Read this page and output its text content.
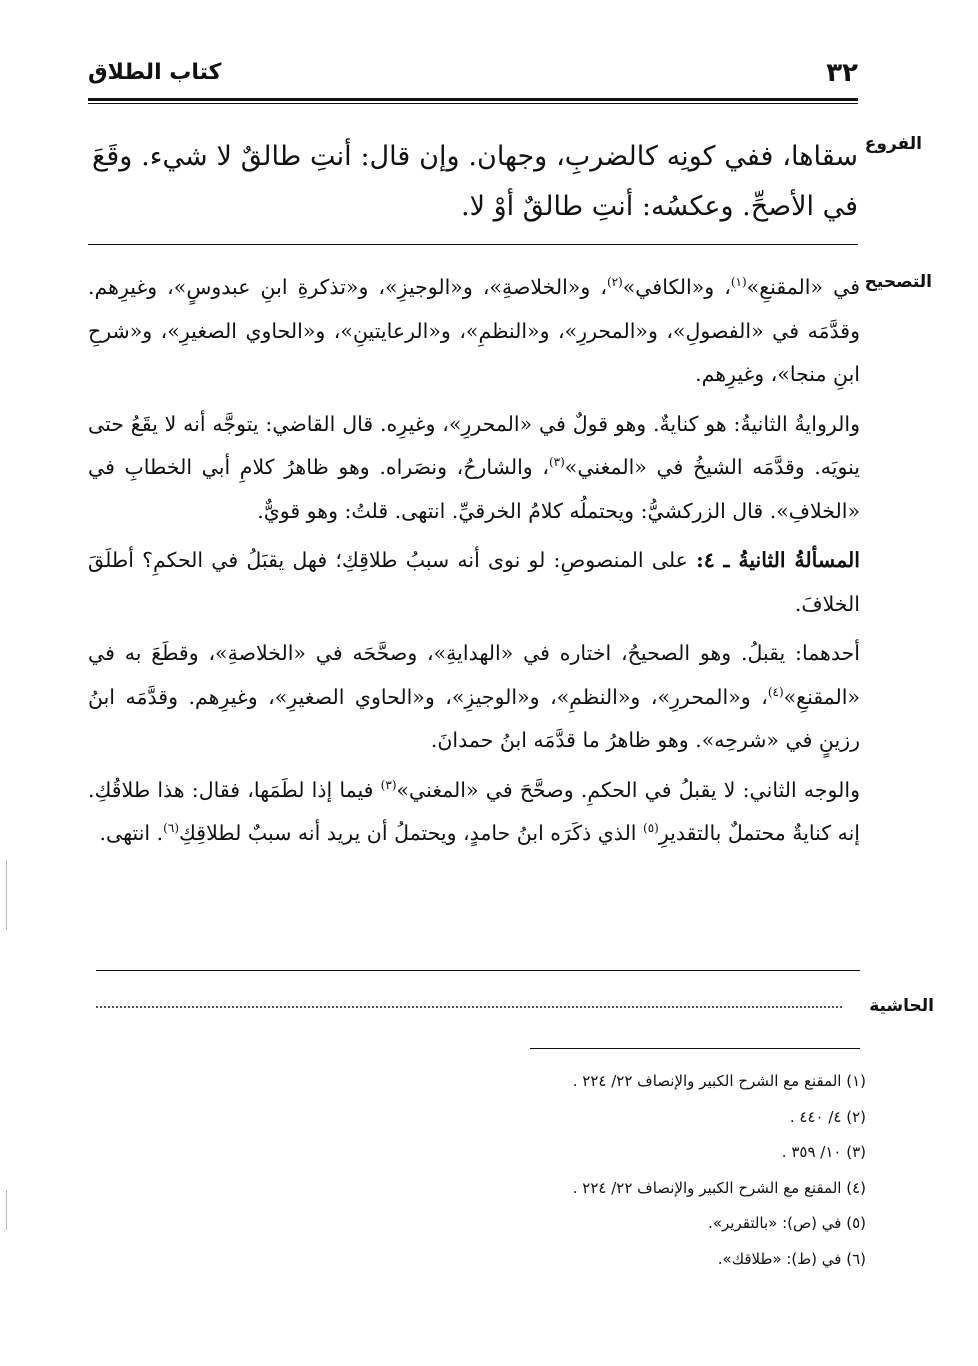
٣٢
كتاب الطلاق
الفروع

سقاها، ففي كونِه كالضربِ، وجهان. وإن قال: أنتِ طالقٌ لا شيء. وقَعَ في الأصحِّ. وعكسُه: أنتِ طالقٌ أوْ لا.

التصحيح

في «المقنعِ»$^{(١)}$، و«الكافي»$^{(٢)}$، و«الخلاصةِ»، و«الوجيزِ»، و«تذكرةِ ابنِ عبدوسٍ»، وغيرِهم. وقدَّمَه في «الفصولِ»، و«المحررِ»، و«النظمِ»، و«الرعايتينِ»، و«الحاوي الصغيرِ»، و«شرحِ ابنِ منجا»، وغيرِهم.

والروايةُ الثانيةُ: هو كنايةٌ. وهو قولٌ في «المحررِ»، وغيرِه. قال القاضي: يتوجَّه أنه لا يقَعُ حتى ينويَه. وقدَّمَه الشيخُ في «المغني»$^{(٣)}$، والشارحُ، ونصَراه. وهو ظاهرُ كلامِ أبي الخطابِ في «الخلافِ». قال الزركشيُّ: ويحتملُه كلامُ الخرقيِّ. انتهى. قلتُ: وهو قويٌّ.

المسألةُ الثانيةُ ـ ٤: على المنصوصِ: لو نوى أنه سببُ طلاقِكِ؛ فهل يقبَلُ في الحكمِ؟ أطلَقَ الخلافَ.

أحدهما: يقبلُ. وهو الصحيحُ، اختاره في «الهدايةِ»، وصحَّحَه في «الخلاصةِ»، وقطَعَ به في «المقنعِ»$^{(٤)}$، و«المحررِ»، و«النظمِ»، و«الوجيزِ»، و«الحاوي الصغيرِ»، وغيرِهم. وقدَّمَه ابنُ رزينٍ في «شرحِه». وهو ظاهرُ ما قدَّمَه ابنُ حمدانَ.

والوجه الثاني: لا يقبلُ في الحكمِ. وصحَّحَ في «المغني»$^{(٣)}$ فيما إذا لطَمَها، فقال: هذا طلاقُكِ. إنه كنايةٌ محتملٌ بالتقديرِ$^{(٥)}$ الذي ذكَرَه ابنُ حامدٍ، ويحتملُ أن يريد أنه سببٌ لطلاقِكِ$^{(٦)}$. انتهى.

الحاشية
(١) المقنع مع الشرح الكبير والإنصاف ٢٢/ ٢٢٤ .
(٢) ٤/ ٤٤٠ .
(٣) ١٠/ ٣٥٩ .
(٤) المقنع مع الشرح الكبير والإنصاف ٢٢/ ٢٢٤ .
(٥) في (ص): «بالتقرير».
(٦) في (ط): «طلاقك».
